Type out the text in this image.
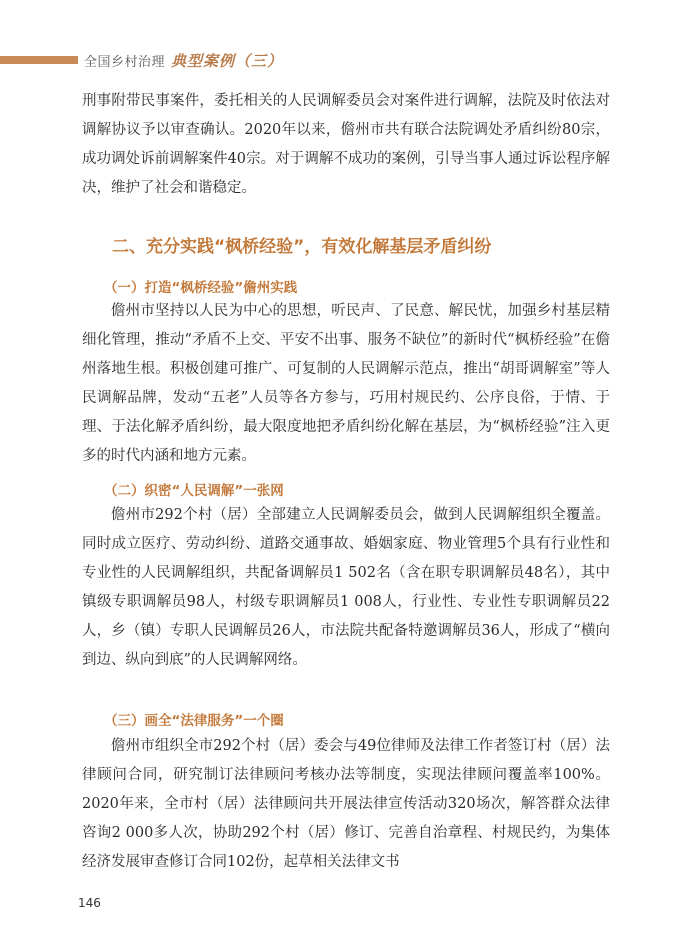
全国乡村治理 典型案例（三）

刑事附带民事案件，委托相关的人民调解委员会对案件进行调解，法院及时依法对调解协议予以审查确认。2020年以来，儋州市共有联合法院调处矛盾纠纷80宗，成功调处诉前调解案件40宗。对于调解不成功的案例，引导当事人通过诉讼程序解决，维护了社会和谐稳定。

二、充分实践“枫桥经验”，有效化解基层矛盾纠纷
（一）打造“枫桥经验”儋州实践

儋州市坚持以人民为中心的思想，听民声、了民意、解民忧，加强乡村基层精细化管理，推动“矛盾不上交、平安不出事、服务不缺位”的新时代“枫桥经验”在儋州落地生根。积极创建可推广、可复制的人民调解示范点，推出“胡哥调解室”等人民调解品牌，发动“五老”人员等各方参与，巧用村规民约、公序良俗，于情、于理、于法化解矛盾纠纷，最大限度地把矛盾纠纷化解在基层，为“枫桥经验”注入更多的时代内涵和地方元素。

（二）织密“人民调解”一张网

儋州市292个村（居）全部建立人民调解委员会，做到人民调解组织全覆盖。同时成立医疗、劳动纠纷、道路交通事故、婚姻家庭、物业管理5个具有行业性和专业性的人民调解组织，共配备调解员1 502名（含在职专职调解员48名），其中镇级专职调解员98人，村级专职调解员1 008人，行业性、专业性专职调解员22人，乡（镇）专职人民调解员26人，市法院共配备特邀调解员36人，形成了“横向到边、纵向到底”的人民调解网络。

（三）画全“法律服务”一个圈

儋州市组织全市292个村（居）委会与49位律师及法律工作者签订村（居）法律顾问合同，研究制订法律顾问考核办法等制度，实现法律顾问覆盖率100%。2020年来，全市村（居）法律顾问共开展法律宣传活动320场次，解答群众法律咨询2 000多人次，协助292个村（居）修订、完善自治章程、村规民约，为集体经济发展审查修订合同102份，起草相关法律文书

146
